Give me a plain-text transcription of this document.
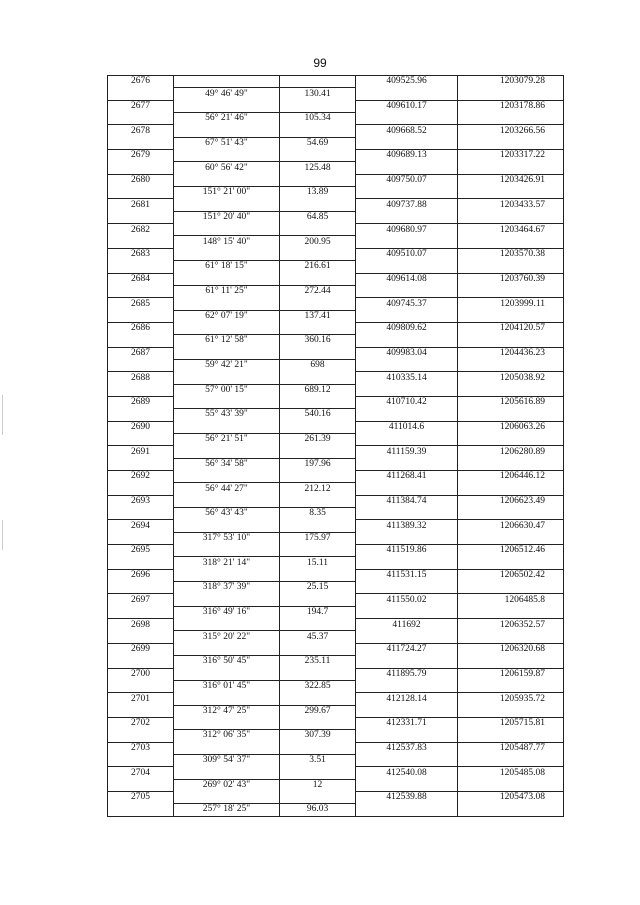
99
2676			409525.96	1203079.28
	49° 46' 49"	130.41		
2677			409610.17	1203178.86
	56° 21' 46"	105.34		
2678			409668.52	1203266.56
	67° 51' 43"	54.69		
2679			409689.13	1203317.22
	60° 56' 42"	125.48		
2680			409750.07	1203426.91
	151° 21' 00"	13.89		
2681			409737.88	1203433.57
	151° 20' 40"	64.85		
2682			409680.97	1203464.67
	148° 15' 40"	200.95		
2683			409510.07	1203570.38
	61° 18' 15"	216.61		
2684			409614.08	1203760.39
	61° 11' 25"	272.44		
2685			409745.37	1203999.11
	62° 07' 19"	137.41		
2686			409809.62	1204120.57
	61° 12' 58"	360.16		
2687			409983.04	1204436.23
	59° 42' 21"	698		
2688			410335.14	1205038.92
	57° 00' 15"	689.12		
2689			410710.42	1205616.89
	55° 43' 39"	540.16		
2690			411014.6	1206063.26
	56° 21' 51"	261.39		
2691			411159.39	1206280.89
	56° 34' 58"	197.96		
2692			411268.41	1206446.12
	56° 44' 27"	212.12		
2693			411384.74	1206623.49
	56° 43' 43"	8.35		
2694			411389.32	1206630.47
	317° 53' 10"	175.97		
2695			411519.86	1206512.46
	318° 21' 14"	15.11		
2696			411531.15	1206502.42
	318° 37' 39"	25.15		
2697			411550.02	1206485.8
	316° 49' 16"	194.7		
2698			411692	1206352.57
	315° 20' 22"	45.37		
2699			411724.27	1206320.68
	316° 50' 45"	235.11		
2700			411895.79	1206159.87
	316° 01' 45"	322.85		
2701			412128.14	1205935.72
	312° 47' 25"	299.67		
2702			412331.71	1205715.81
	312° 06' 35"	307.39		
2703			412537.83	1205487.77
	309° 54' 37"	3.51		
2704			412540.08	1205485.08
	269° 02' 43"	12		
2705			412539.88	1205473.08
	257° 18' 25"	96.03		
